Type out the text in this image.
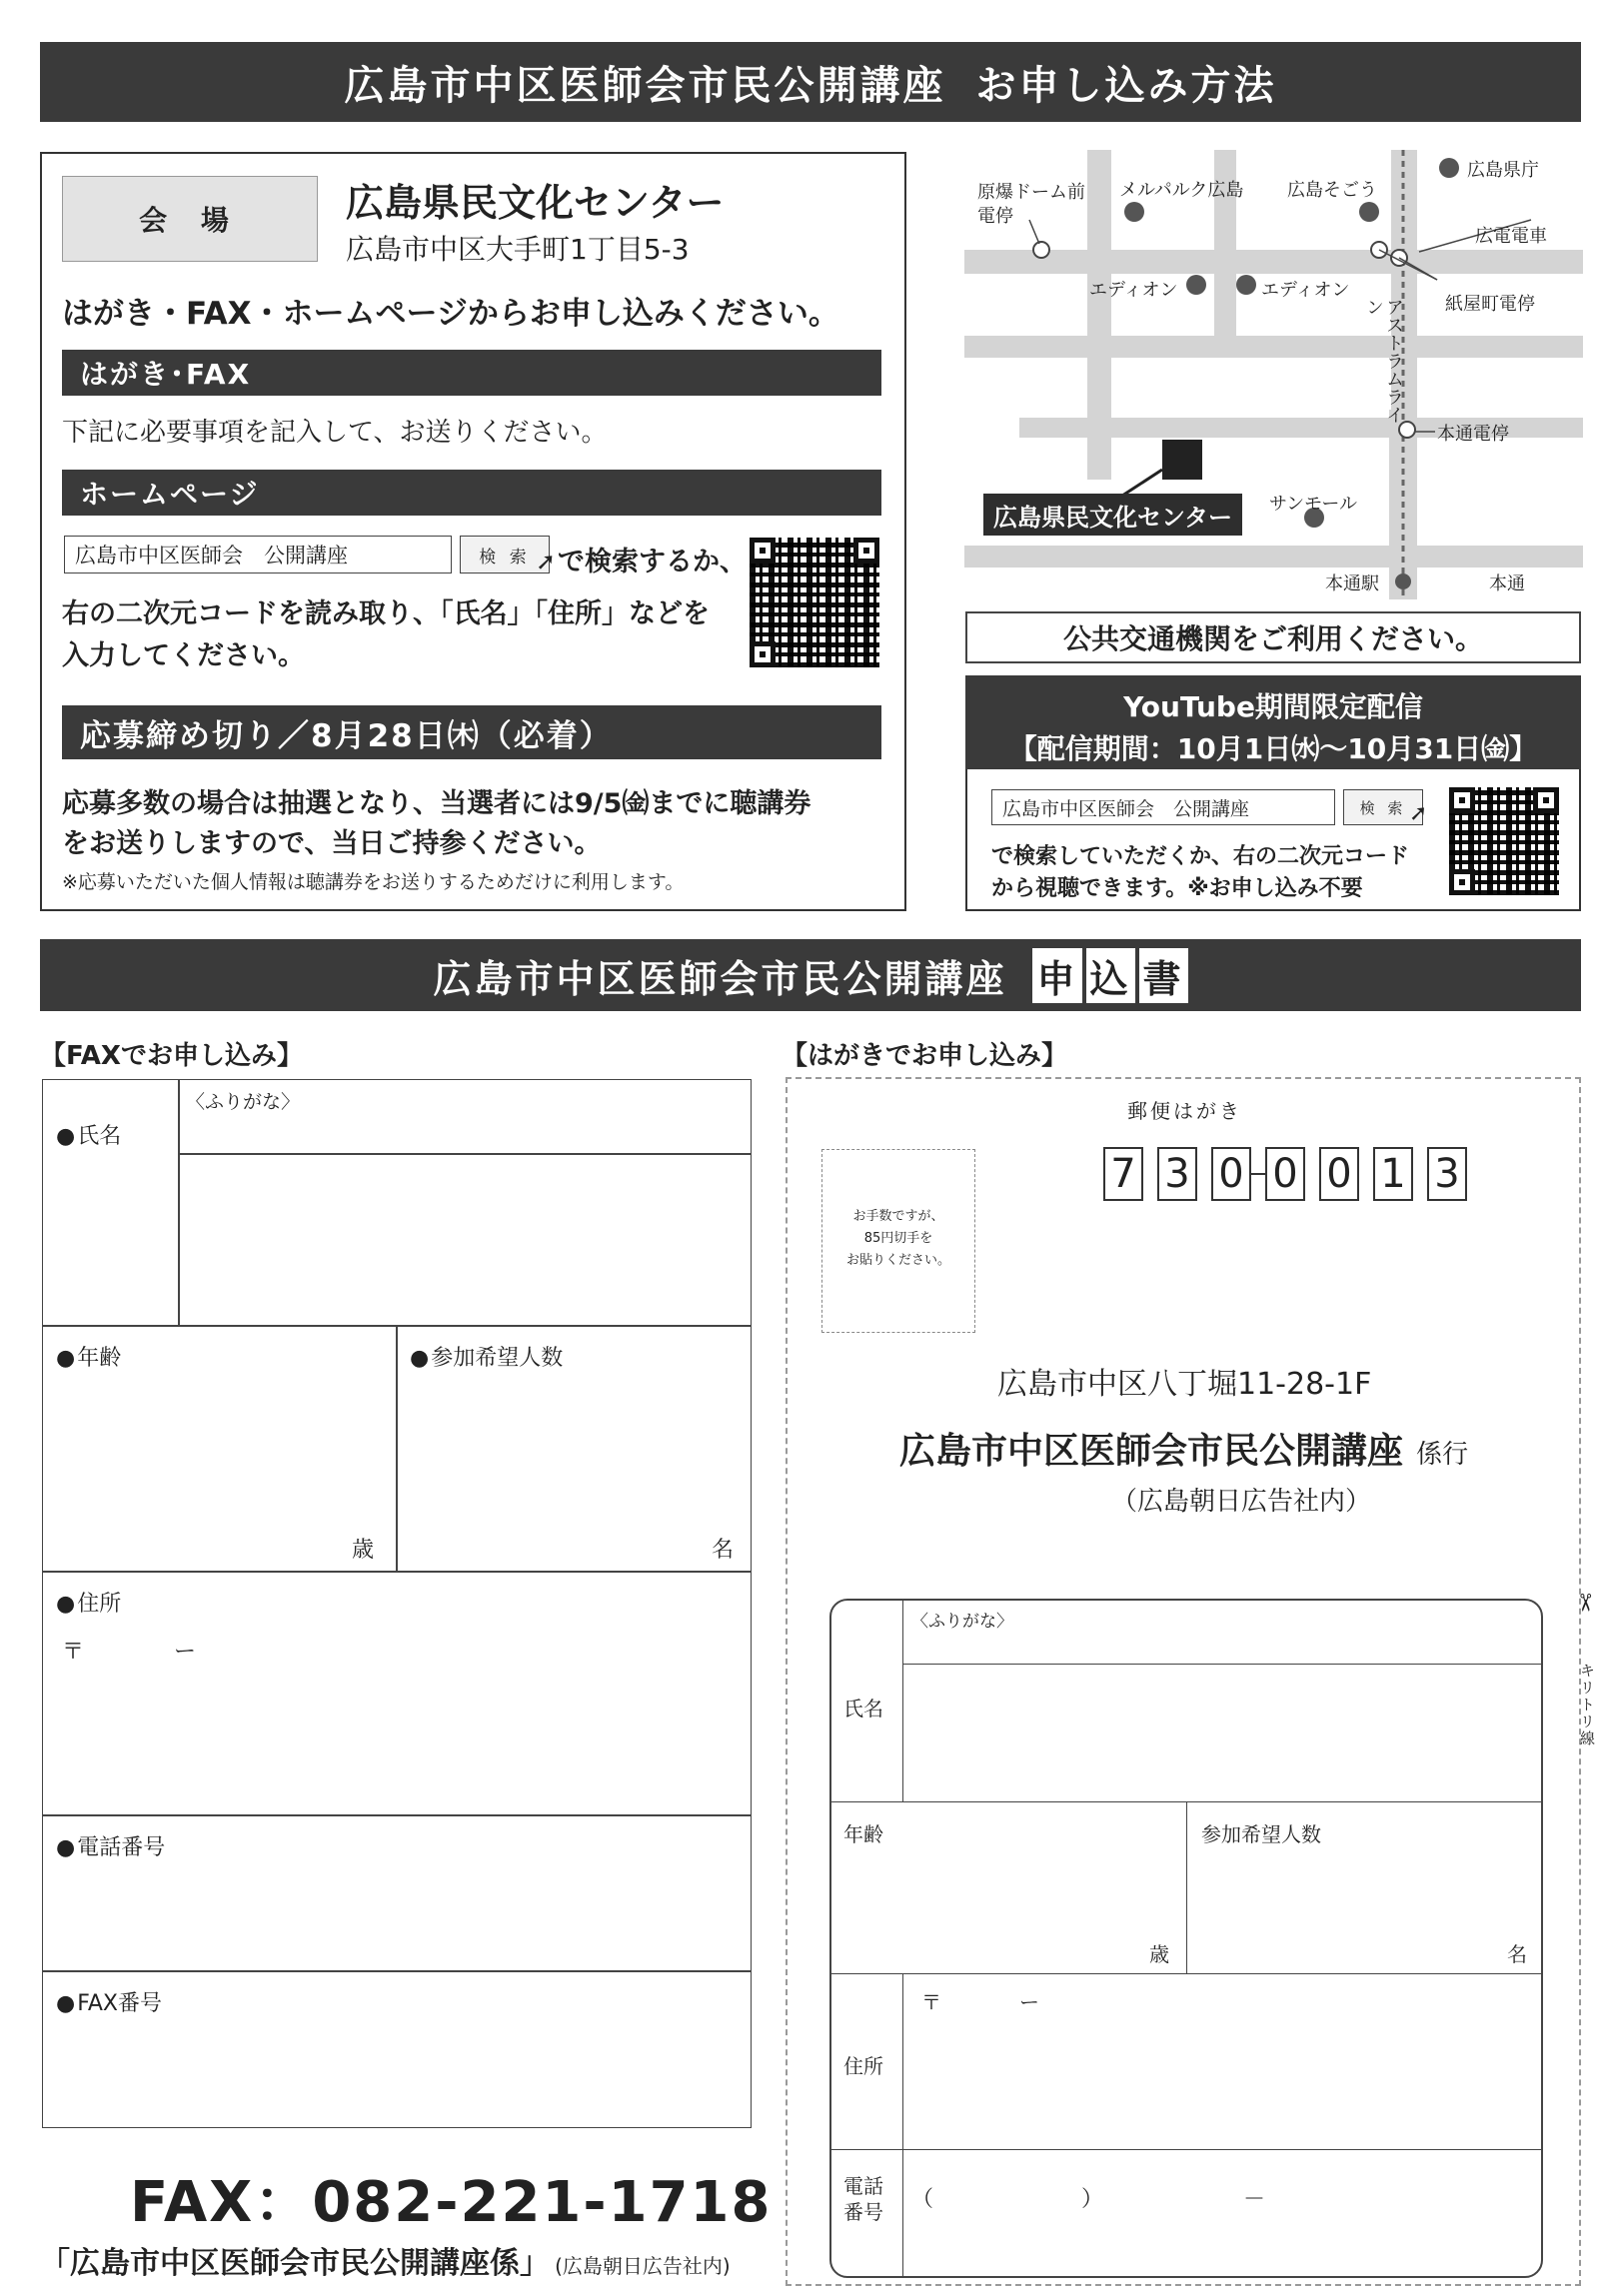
広島市中区医師会市民公開講座 お申し込み方法
会 場	広島県民文化センター
広島市中区大手町1丁目5-3
はがき・FAX・ホームページからお申し込みください。
はがき･FAX
下記に必要事項を記入して、お送りください。
ホームページ
広島市中区医師会　公開講座	検 索 ➚ で検索するか、
右の二次元コードを読み取り、「氏名」「住所」などを
入力してください。
応募締め切り／8月28日㈭（必着）
応募多数の場合は抽選となり、当選者には9/5㈮までに聴講券
をお送りしますので、当日ご持参ください。
※応募いただいた個人情報は聴講券をお送りするためだけに利用します。
原爆ドーム前
電停
メルパルク広島 広島そごう
広島県庁
広電電車
エディオン	エディオン
紙屋町電停
アストラムライン
本通電停
広島県民文化センター サンモール
本通駅	本通
公共交通機関をご利用ください。
YouTube期間限定配信
【配信期間：10月1日㈬～10月31日㈮】
広島市中区医師会　公開講座	検 索 ➚
で検索していただくか、右の二次元コード
から視聴できます。※お申し込み不要
広島市中区医師会市民公開講座 申 込 書
【FAXでお申し込み】
● 氏名
〈ふりがな〉
● 年齢
歳
● 参加希望人数
名
● 住所
〒	ー
● 電話番号
● FAX番号
FAX：082-221-1718
「広島市中区医師会市民公開講座係」 (広島朝日広告社内)
【はがきでお申し込み】
郵便はがき
7 3 0 0 0 1 3
お手数ですが、
85円切手を
お貼りください。
広島市中区八丁堀11-28-1F
広島市中区医師会市民公開講座 係行
（広島朝日広告社内）
氏名
〈ふりがな〉
年齢
歳
参加希望人数
名
〒	ー
住所
電話
番号 （	）	－
✂
キリトリ線
